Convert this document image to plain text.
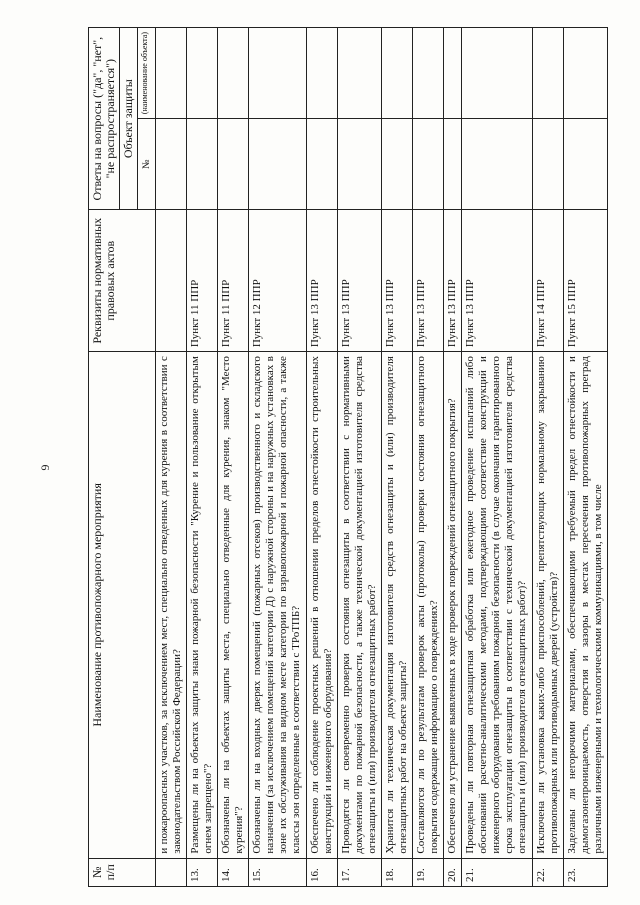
6
№ п/п	Наименование противопожарного мероприятия	Реквизиты нормативных правовых актов	Ответы на вопросы ("да", "нет", "не распространяется") Объект защиты	

			№	(наименование объекта)
	и пожароопасных участков, за исключением мест, специально отведенных для курения в соответствии с законодательством Российской Федерации?			
13.	Размещены ли на объектах защиты знаки пожарной безопасности "Курение и пользование открытым огнем запрещено"?	Пункт 11 ППР		
14.	Обозначены ли на объектах защиты места, специально отведенные для курения, знаком "Место курения"?	Пункт 11 ППР		
15.	Обозначены ли на входных дверях помещений (пожарных отсеков) производственного и складского назначения (за исключением помещений категории Д) с наружной стороны и на наружных установках в зоне их обслуживания на видном месте категории по взрывопожарной и пожарной опасности, а также классы зон определенные в соответствии с ТРоТПБ?	Пункт 12 ППР		
16.	Обеспечено ли соблюдение проектных решений в отношении пределов огнестойкости строительных конструкций и инженерного оборудования?	Пункт 13 ППР		
17.	Проводятся ли своевременно проверки состояния огнезащиты в соответствии с нормативными документами по пожарной безопасности, а также технической документацией изготовителя средства огнезащиты и (или) производителя огнезащитных работ?	Пункт 13 ППР		
18.	Хранится ли техническая документация изготовителя средств огнезащиты и (или) производителя огнезащитных работ на объекте защиты?	Пункт 13 ППР		
19.	Составляются ли по результатам проверок акты (протоколы) проверки состояния огнезащитного покрытия содержащие информацию о повреждениях?	Пункт 13 ППР		
20.	Обеспечено ли устранение выявленных в ходе проверок повреждений огнезащитного покрытия?	Пункт 13 ППР		
21.	Проведены ли повторная огнезащитная обработка или ежегодное проведение испытаний либо обоснований расчетно-аналитическими методами, подтверждающими соответствие конструкций и инженерного оборудования требованиям пожарной безопасности (в случае окончания гарантированного срока эксплуатации огнезащиты в соответствии с технической документацией изготовителя средства огнезащиты и (или) производителя огнезащитных работ)?	Пункт 13 ППР		
22.	Исключена ли установка каких-либо приспособлений, препятствующих нормальному закрыванию противопожарных или противодымных дверей (устройств)?	Пункт 14 ППР		
23.	Заделаны ли негорючими материалами, обеспечивающими требуемый предел огнестойкости и дымогазонепроницаемость, отверстия и зазоры в местах пересечения противопожарных преград различными инженерными и технологическими коммуникациями, в том числе	Пункт 15 ППР		
